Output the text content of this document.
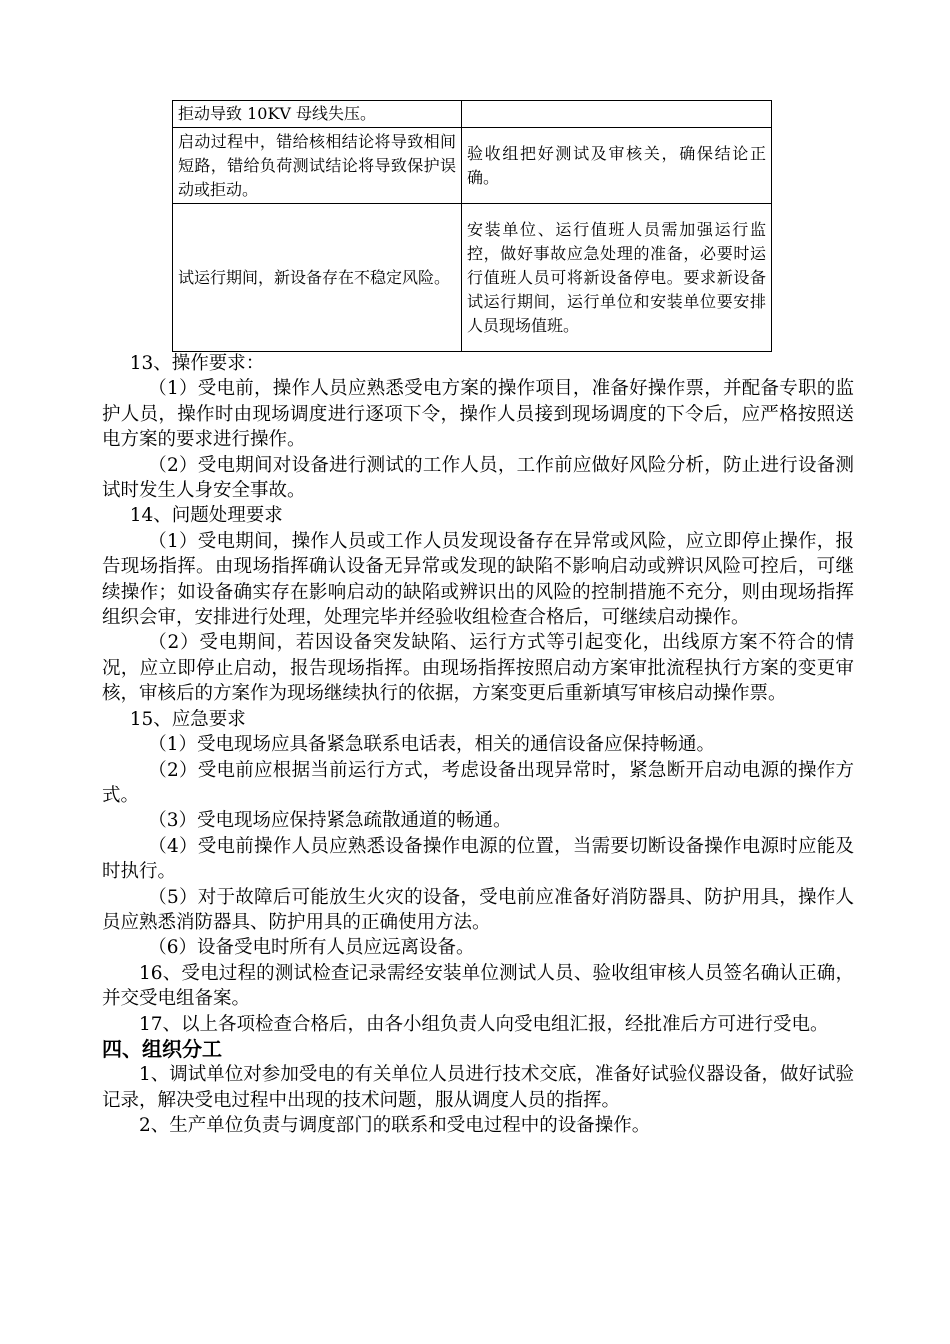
拒动导致 10KV 母线失压。	
启动过程中，错给核相结论将导致相间短路，错给负荷测试结论将导致保护误动或拒动。	验收组把好测试及审核关，确保结论正确。
试运行期间，新设备存在不稳定风险。	安装单位、运行值班人员需加强运行监控，做好事故应急处理的准备，必要时运行值班人员可将新设备停电。要求新设备试运行期间，运行单位和安装单位要安排人员现场值班。

13、操作要求：

（1）受电前，操作人员应熟悉受电方案的操作项目，准备好操作票，并配备专职的监护人员，操作时由现场调度进行逐项下令，操作人员接到现场调度的下令后，应严格按照送电方案的要求进行操作。

（2）受电期间对设备进行测试的工作人员，工作前应做好风险分析，防止进行设备测试时发生人身安全事故。

14、问题处理要求

（1）受电期间，操作人员或工作人员发现设备存在异常或风险，应立即停止操作，报告现场指挥。由现场指挥确认设备无异常或发现的缺陷不影响启动或辨识风险可控后，可继续操作；如设备确实存在影响启动的缺陷或辨识出的风险的控制措施不充分，则由现场指挥组织会审，安排进行处理，处理完毕并经验收组检查合格后，可继续启动操作。

（2）受电期间，若因设备突发缺陷、运行方式等引起变化，出线原方案不符合的情况，应立即停止启动，报告现场指挥。由现场指挥按照启动方案审批流程执行方案的变更审核，审核后的方案作为现场继续执行的依据，方案变更后重新填写审核启动操作票。

15、应急要求

（1）受电现场应具备紧急联系电话表，相关的通信设备应保持畅通。

（2）受电前应根据当前运行方式，考虑设备出现异常时，紧急断开启动电源的操作方式。

（3）受电现场应保持紧急疏散通道的畅通。

（4）受电前操作人员应熟悉设备操作电源的位置，当需要切断设备操作电源时应能及时执行。

（5）对于故障后可能放生火灾的设备，受电前应准备好消防器具、防护用具，操作人员应熟悉消防器具、防护用具的正确使用方法。

（6）设备受电时所有人员应远离设备。

16、受电过程的测试检查记录需经安装单位测试人员、验收组审核人员签名确认正确，并交受电组备案。

17、以上各项检查合格后，由各小组负责人向受电组汇报，经批准后方可进行受电。

四、组织分工

1、调试单位对参加受电的有关单位人员进行技术交底，准备好试验仪器设备，做好试验记录，解决受电过程中出现的技术问题，服从调度人员的指挥。

2、生产单位负责与调度部门的联系和受电过程中的设备操作。
